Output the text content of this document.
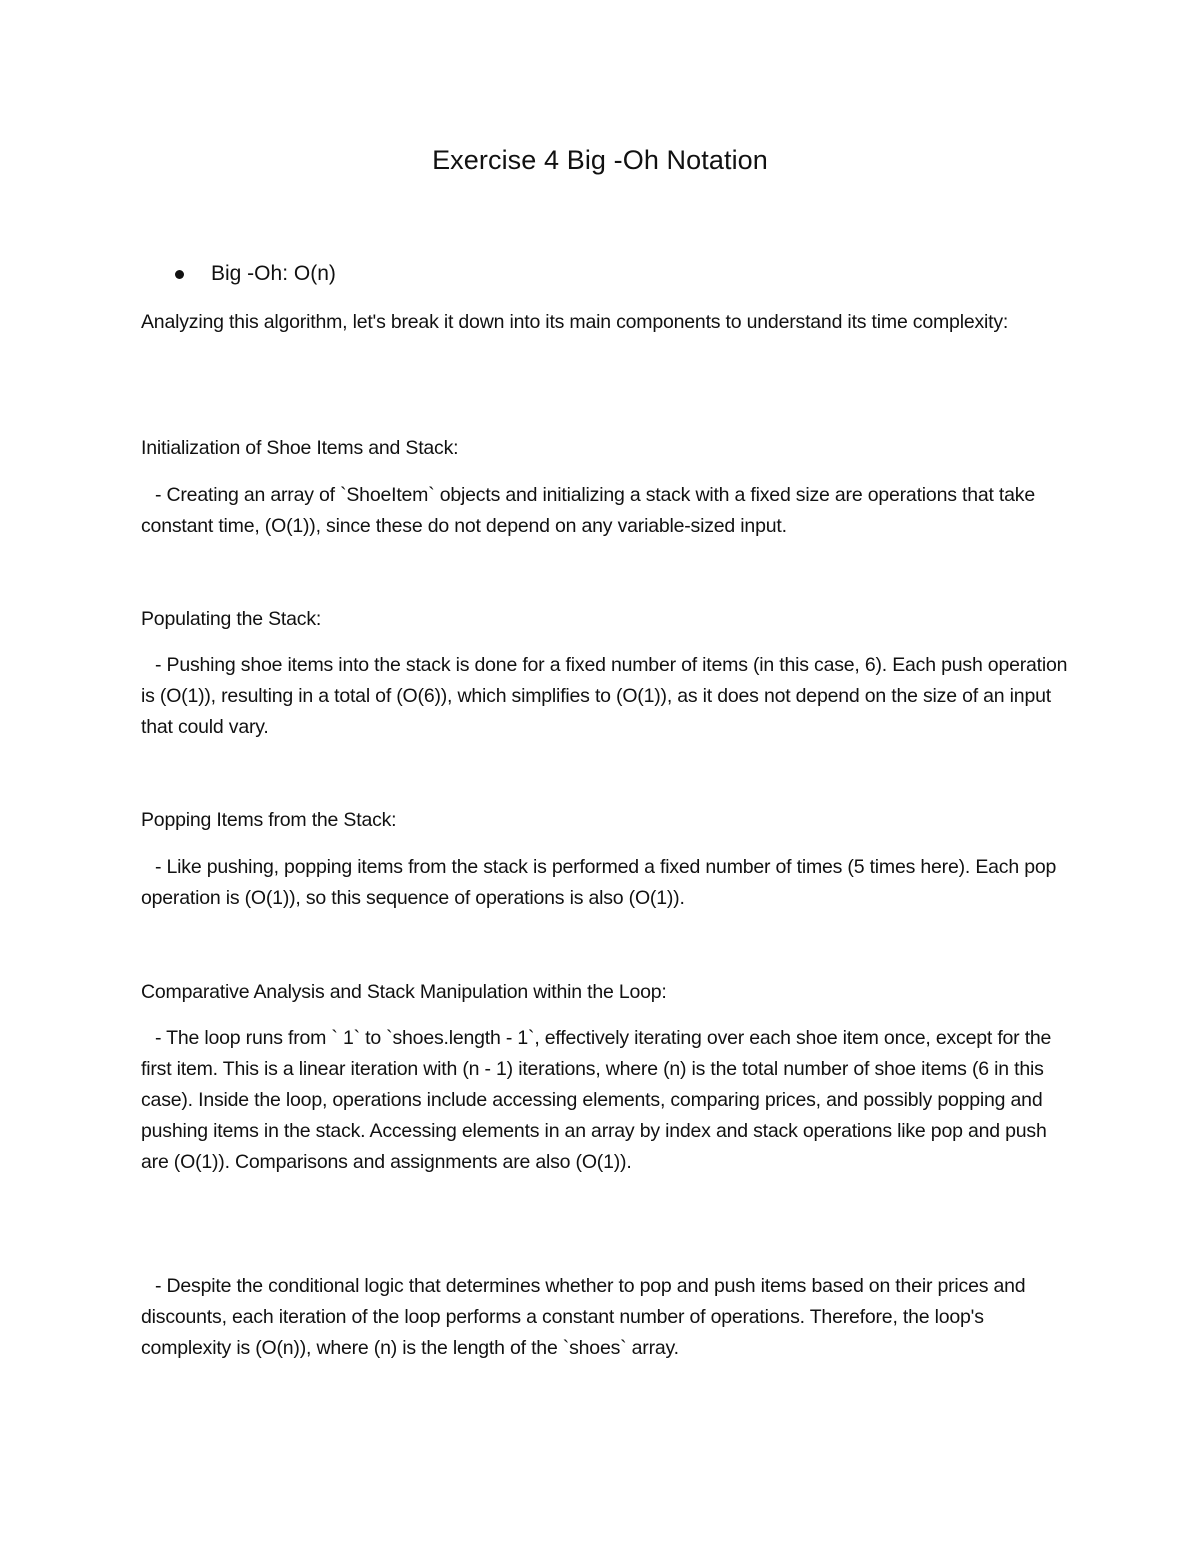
Exercise 4 Big -Oh Notation
Big -Oh: O(n)

Analyzing this algorithm, let's break it down into its main components to understand its time complexity:

Initialization of Shoe Items and Stack:

- Creating an array of `ShoeItem` objects and initializing a stack with a fixed size are operations that take constant time, (O(1)), since these do not depend on any variable-sized input.

Populating the Stack:

- Pushing shoe items into the stack is done for a fixed number of items (in this case, 6). Each push operation is (O(1)), resulting in a total of (O(6)), which simplifies to (O(1)), as it does not depend on the size of an input that could vary.

Popping Items from the Stack:

- Like pushing, popping items from the stack is performed a fixed number of times (5 times here). Each pop operation is (O(1)), so this sequence of operations is also (O(1)).

Comparative Analysis and Stack Manipulation within the Loop:

- The loop runs from ` 1` to `shoes.length - 1`, effectively iterating over each shoe item once, except for the first item. This is a linear iteration with (n - 1) iterations, where (n) is the total number of shoe items (6 in this case). Inside the loop, operations include accessing elements, comparing prices, and possibly popping and pushing items in the stack. Accessing elements in an array by index and stack operations like pop and push are (O(1)). Comparisons and assignments are also (O(1)).

- Despite the conditional logic that determines whether to pop and push items based on their prices and discounts, each iteration of the loop performs a constant number of operations. Therefore, the loop's complexity is (O(n)), where (n) is the length of the `shoes` array.
